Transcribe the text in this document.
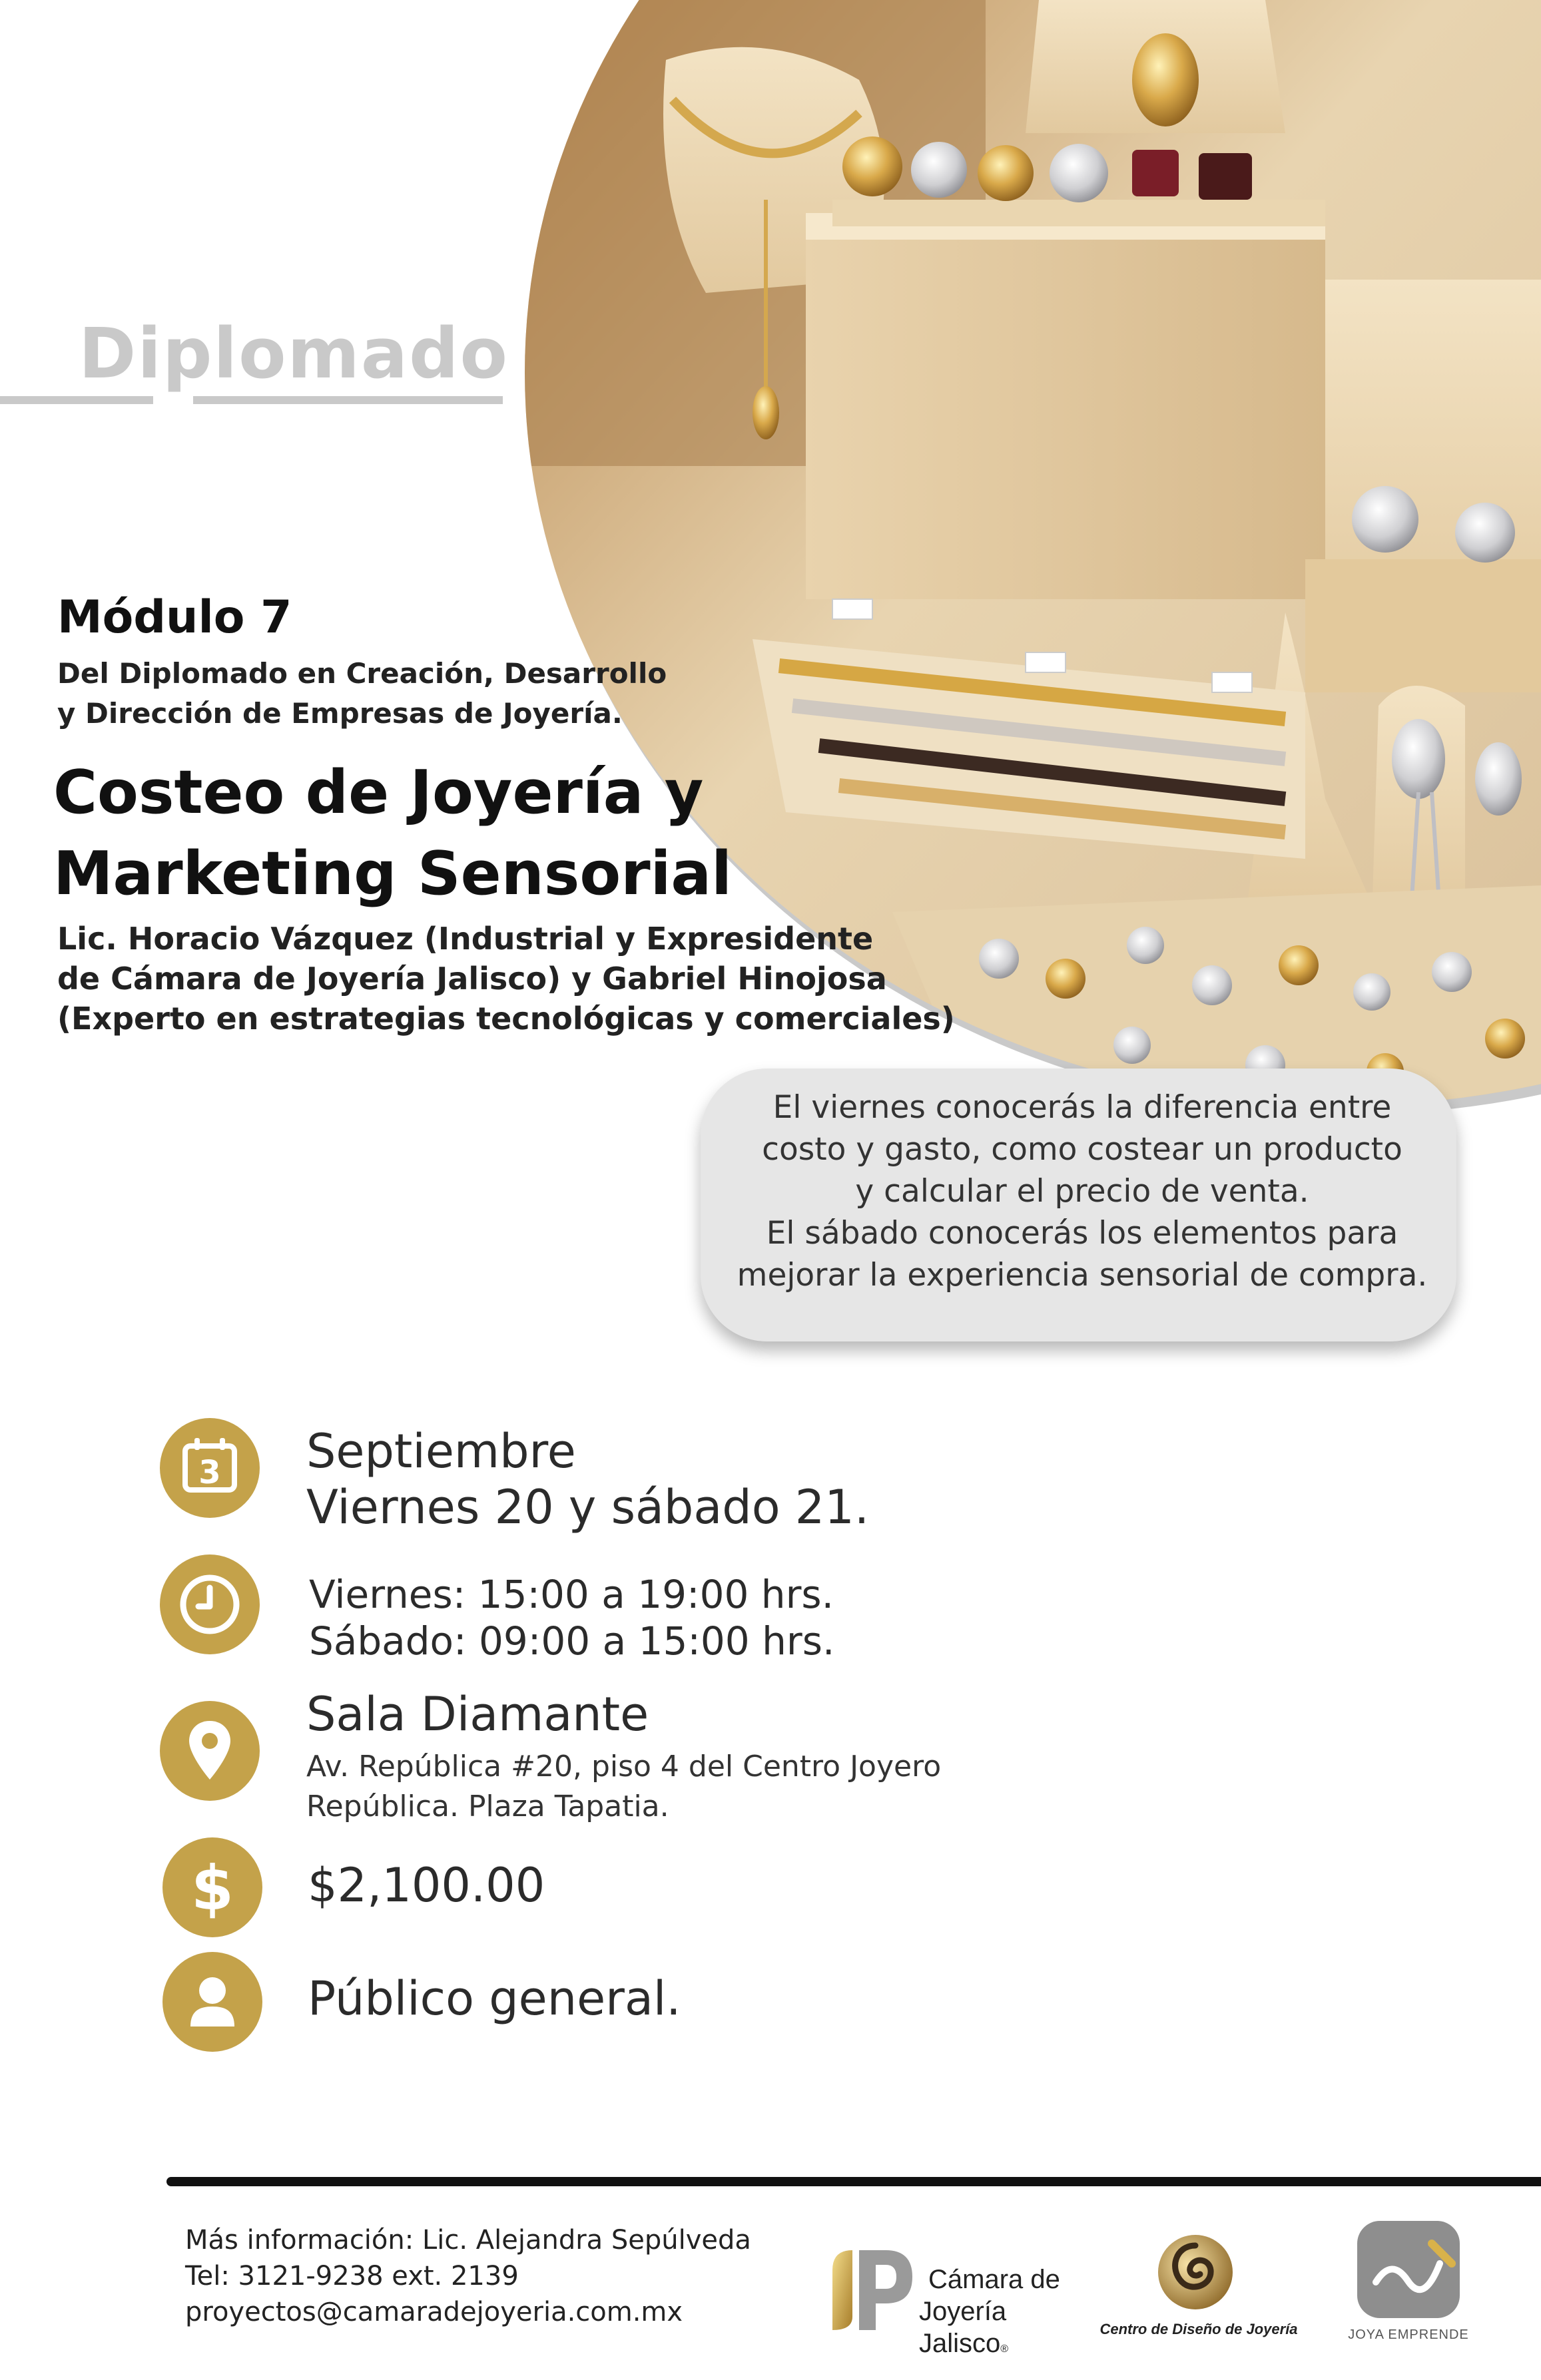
Diplomado
Módulo 7
Del Diplomado en Creación, Desarrollo
y Dirección de Empresas de Joyería.
Costeo de Joyería y
Marketing Sensorial
Lic. Horacio Vázquez (Industrial y Expresidente
de Cámara de Joyería Jalisco) y Gabriel Hinojosa
(Experto en estrategias tecnológicas y comerciales)
El viernes conocerás la diferencia entre
costo y gasto, como costear un producto
y calcular el precio de venta.
El sábado conocerás los elementos para
mejorar la experiencia sensorial de compra.
3 Septiembre
Viernes 20 y sábado 21.
Viernes: 15:00 a 19:00 hrs.
Sábado: 09:00 a 15:00 hrs.
Sala Diamante
Av. República #20, piso 4 del Centro Joyero
República. Plaza Tapatia.
$ $2,100.00
Público general.
Más información: Lic. Alejandra Sepúlveda
Tel: 3121-9238 ext. 2139
proyectos@camaradejoyeria.com.mx
Cámara de
Joyería Jalisco®
Centro de Diseño de Joyería	JOYA EMPRENDE
